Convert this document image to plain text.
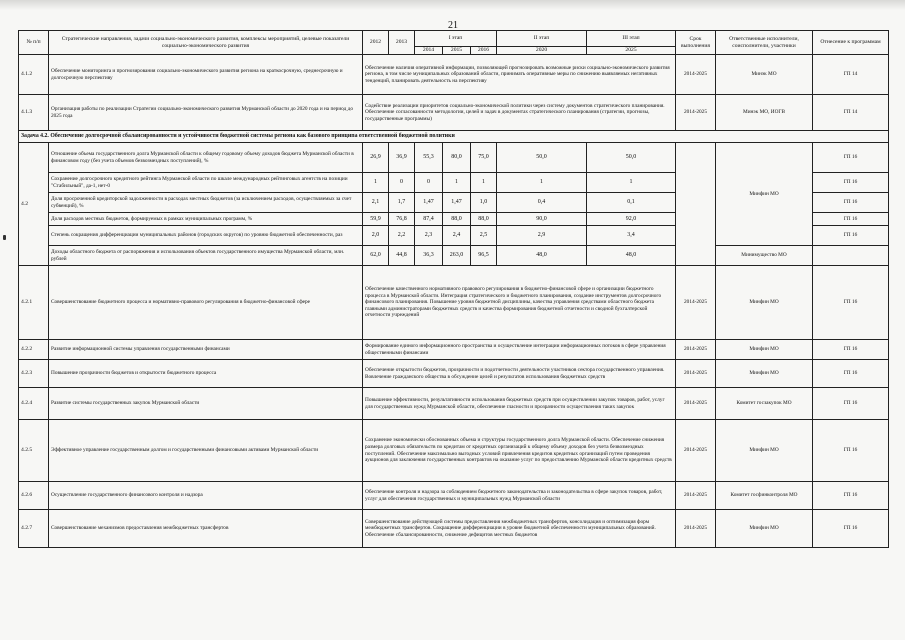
21
№ п/п	Стратегические направления, задачи социально-экономического развития, комплексы мероприятий, целевые показатели социально-экономического развития	2012	2013	I этап			II этап	III этап	Срок выполнения	Ответственные исполнители, соисполнители, участники	Отнесение к программам
				2014	2015	2016	2020	2025			
4.1.2	Обеспечение мониторинга и прогнозирования социально-экономического развития региона на краткосрочную, среднесрочную и долгосрочную перспективу	Обеспечение наличия оперативной информации, позволяющей прогнозировать возможные риски социально-экономического развития региона, в том числе муниципальных образований области, принимать оперативные меры по снижению выявляемых негативных тенденций, планировать деятельность на перспективу							2014-2025	Минэк МО	ГП 14
4.1.3	Организация работы по реализации Стратегии социально-экономического развития Мурманской области до 2020 года и на период до 2025 года	Содействие реализации приоритетов социально-экономической политики через систему документов стратегического планирования. Обеспечение согласованности методологии, целей и задач в документах стратегического планирования (стратегии, прогнозы, государственные программы)							2014-2025	Минэк МО, ИОГВ	ГП 14
Задача 4.2. Обеспечение долгосрочной сбалансированности и устойчивости бюджетной системы региона как базового принципа ответственной бюджетной политики											
4.2	Отношение объема государственного долга Мурманской области к общему годовому объему доходов бюджета Мурманской области в финансовом году (без учета объемов безвозмездных поступлений), %	26,9	36,9	55,3	80,0	75,0	50,0	50,0		Минфин МО	ГП 16
	Сохранение долгосрочного кредитного рейтинга Мурманской области по шкале международных рейтинговых агентств на позиции "Стабильный", да-1, нет-0	1	0	0	1	1	1	1			ГП 16
	Доля просроченной кредиторской задолженности в расходах местных бюджетов (за исключением расходов, осуществляемых за счет субвенций), %	2,1	1,7	1,47	1,47	1,0	0,4	0,1			ГП 16
	Доля расходов местных бюджетов, формируемых в рамках муниципальных программ, %	59,9	76,8	87,4	88,0	88,0	90,0	92,0			ГП 16
	Степень сокращения дифференциации муниципальных районов (городских округов) по уровню бюджетной обеспеченности, раз	2,0	2,2	2,3	2,4	2,5	2,9	3,4			ГП 16
	Доходы областного бюджета от распоряжения и использования объектов государственного имущества Мурманской области, млн. рублей	62,0	44,8	36,3	263,0	96,5	48,0	48,0		Минимущество МО	
4.2.1	Совершенствование бюджетного процесса и нормативно-правового регулирования в бюджетно-финансовой сфере	Обеспечение качественного нормативного правового регулирования в бюджетно-финансовой сфере и организации бюджетного процесса в Мурманской области. Интеграция стратегического и бюджетного планирования, создание инструментов долгосрочного финансового планирования. Повышение уровня бюджетной дисциплины, качества управления средствами областного бюджета главными администраторами бюджетных средств и качества формирования бюджетной отчетности и сводной бухгалтерской отчетности учреждений							2014-2025	Минфин МО	ГП 16
4.2.2	Развитие информационной системы управления государственными финансами	Формирование единого информационного пространства и осуществление интеграции информационных потоков в сфере управления общественными финансами							2014-2025	Минфин МО	ГП 16
4.2.3	Повышение прозрачности бюджетов и открытости бюджетного процесса	Обеспечение открытости бюджетов, прозрачности и подотчетности деятельности участников сектора государственного управления. Вовлечение гражданского общества в обсуждение целей и результатов использования бюджетных средств							2014-2025	Минфин МО	ГП 16
4.2.4	Развитие системы государственных закупок Мурманской области	Повышение эффективности, результативности использования бюджетных средств при осуществлении закупок товаров, работ, услуг для государственных нужд Мурманской области, обеспечение гласности и прозрачности осуществления таких закупок							2014-2025	Комитет госзакупок МО	ГП 16
4.2.5	Эффективное управление государственным долгом и государственными финансовыми активами Мурманской области	Сохранение экономически обоснованных объема и структуры государственного долга Мурманской области. Обеспечение снижения размера долговых обязательств по кредитам от кредитных организаций к общему объему доходов без учета безвозмездных поступлений. Обеспечение максимально выгодных условий привлечения кредитов кредитных организаций путем проведения аукционов для заключения государственных контрактов на оказание услуг по предоставлению Мурманской области кредитных средств							2014-2025	Минфин МО	ГП 16
4.2.6	Осуществление государственного финансового контроля и надзора	Обеспечение контроля и надзора за соблюдением бюджетного законодательства и законодательства в сфере закупок товаров, работ, услуг для обеспечения государственных и муниципальных нужд Мурманской области							2014-2025	Комитет госфинконтроля МО	ГП 16
4.2.7	Совершенствование механизмов предоставления межбюджетных трансфертов	Совершенствование действующей системы предоставления межбюджетных трансфертов, консолидация и оптимизация форм межбюджетных трансфертов. Сокращение дифференциации в уровне бюджетной обеспеченности муниципальных образований. Обеспечение сбалансированности, снижение дефицитов местных бюджетов							2014-2025	Минфин МО	ГП 16
